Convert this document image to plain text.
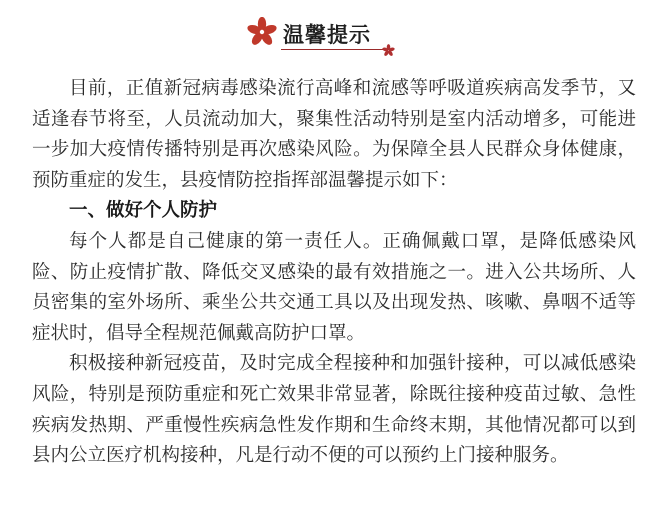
温馨提示

目前，正值新冠病毒感染流行高峰和流感等呼吸道疾病高发季节，又适逢春节将至，人员流动加大，聚集性活动特别是室内活动增多，可能进一步加大疫情传播特别是再次感染风险。为保障全县人民群众身体健康，预防重症的发生，县疫情防控指挥部温馨提示如下：

一、做好个人防护

每个人都是自己健康的第一责任人。正确佩戴口罩，是降低感染风险、防止疫情扩散、降低交叉感染的最有效措施之一。进入公共场所、人员密集的室外场所、乘坐公共交通工具以及出现发热、咳嗽、鼻咽不适等症状时，倡导全程规范佩戴高防护口罩。

积极接种新冠疫苗，及时完成全程接种和加强针接种，可以减低感染风险，特别是预防重症和死亡效果非常显著，除既往接种疫苗过敏、急性疾病发热期、严重慢性疾病急性发作期和生命终末期，其他情况都可以到县内公立医疗机构接种，凡是行动不便的可以预约上门接种服务。
